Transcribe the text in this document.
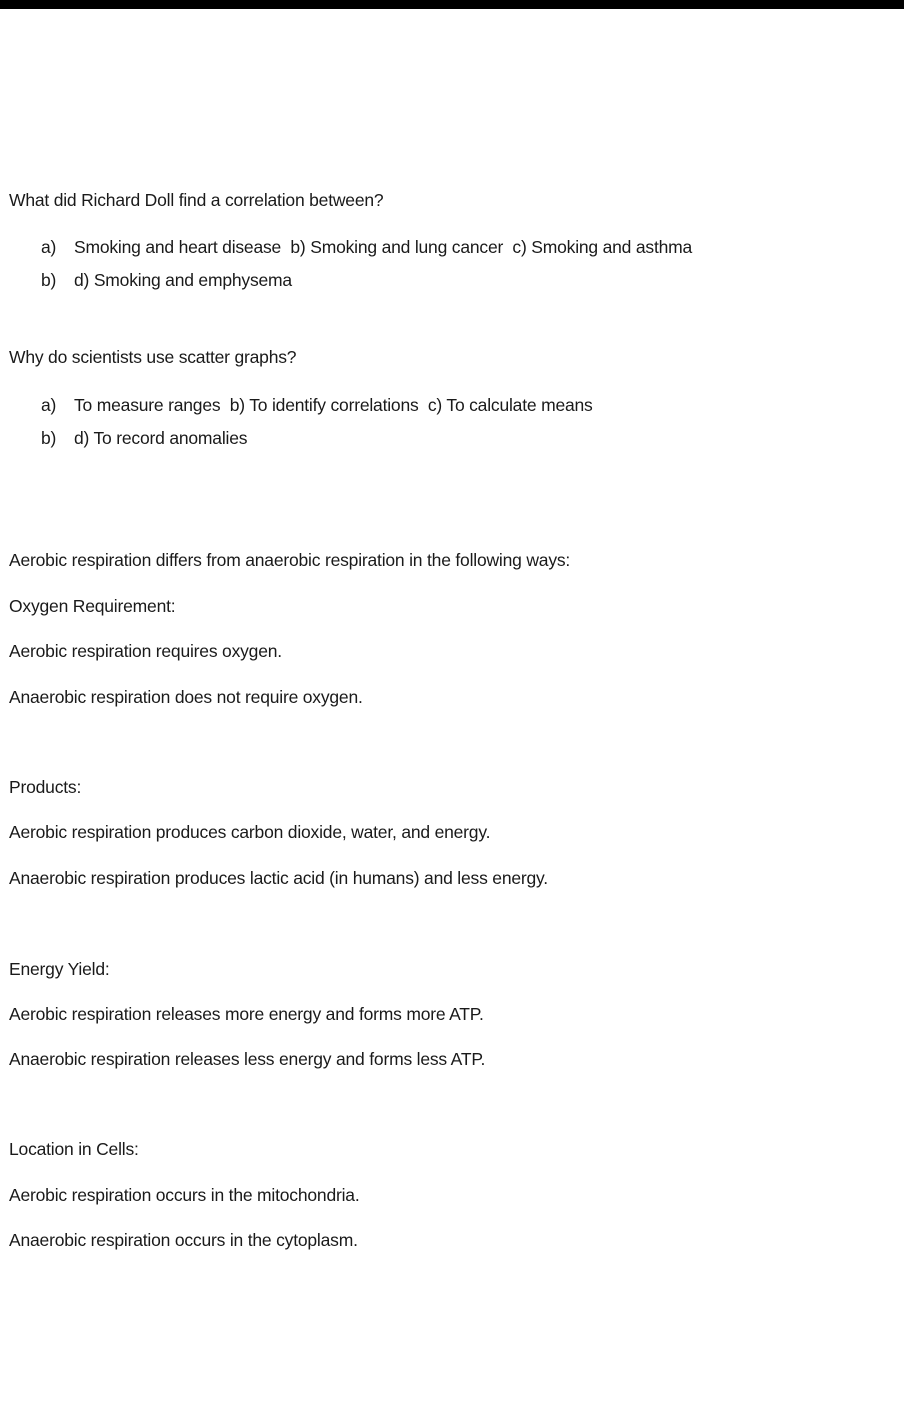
What did Richard Doll find a correlation between?
a) Smoking and heart disease  b) Smoking and lung cancer  c) Smoking and asthma
b) d) Smoking and emphysema
Why do scientists use scatter graphs?
a) To measure ranges  b) To identify correlations  c) To calculate means
b) d) To record anomalies
Aerobic respiration differs from anaerobic respiration in the following ways:
Oxygen Requirement:
Aerobic respiration requires oxygen.
Anaerobic respiration does not require oxygen.
Products:
Aerobic respiration produces carbon dioxide, water, and energy.
Anaerobic respiration produces lactic acid (in humans) and less energy.
Energy Yield:
Aerobic respiration releases more energy and forms more ATP.
Anaerobic respiration releases less energy and forms less ATP.
Location in Cells:
Aerobic respiration occurs in the mitochondria.
Anaerobic respiration occurs in the cytoplasm.
